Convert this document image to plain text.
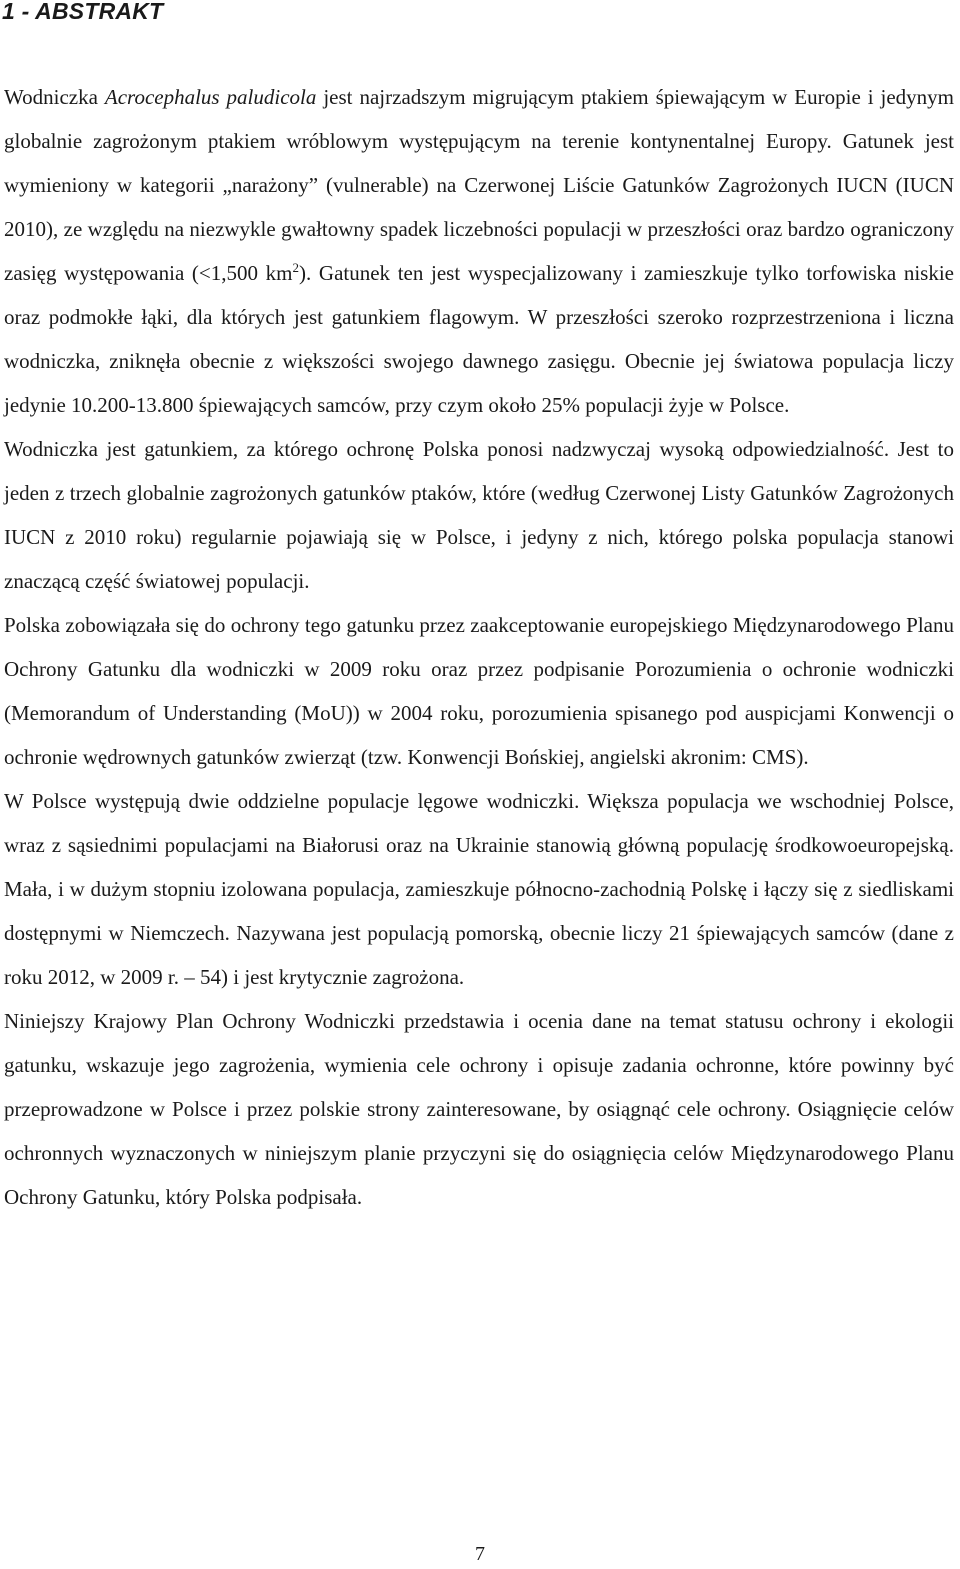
1 - ABSTRAKT

Wodniczka Acrocephalus paludicola jest najrzadszym migrującym ptakiem śpiewającym w Europie i jedynym globalnie zagrożonym ptakiem wróblowym występującym na terenie kontynentalnej Europy. Gatunek jest wymieniony w kategorii „narażony” (vulnerable) na Czerwonej Liście Gatunków Zagrożonych IUCN (IUCN 2010), ze względu na niezwykle gwałtowny spadek liczebności populacji w przeszłości oraz bardzo ograniczony zasięg występowania (<1,500 $km^2$). Gatunek ten jest wyspecjalizowany i zamieszkuje tylko torfowiska niskie oraz podmokłe łąki, dla których jest gatunkiem flagowym. W przeszłości szeroko rozprzestrzeniona i liczna wodniczka, zniknęła obecnie z większości swojego dawnego zasięgu. Obecnie jej światowa populacja liczy jedynie 10.200-13.800 śpiewających samców, przy czym około 25% populacji żyje w Polsce.

Wodniczka jest gatunkiem, za którego ochronę Polska ponosi nadzwyczaj wysoką odpowiedzialność. Jest to jeden z trzech globalnie zagrożonych gatunków ptaków, które (według Czerwonej Listy Gatunków Zagrożonych IUCN z 2010 roku) regularnie pojawiają się w Polsce, i jedyny z nich, którego polska populacja stanowi znaczącą część światowej populacji.

Polska zobowiązała się do ochrony tego gatunku przez zaakceptowanie europejskiego Międzynarodowego Planu Ochrony Gatunku dla wodniczki w 2009 roku oraz przez podpisanie Porozumienia o ochronie wodniczki (Memorandum of Understanding (MoU)) w 2004 roku, porozumienia spisanego pod auspicjami Konwencji o ochronie wędrownych gatunków zwierząt (tzw. Konwencji Bońskiej, angielski akronim: CMS).

W Polsce występują dwie oddzielne populacje lęgowe wodniczki. Większa populacja we wschodniej Polsce, wraz z sąsiednimi populacjami na Białorusi oraz na Ukrainie stanowią główną populację środkowoeuropejską. Mała, i w dużym stopniu izolowana populacja, zamieszkuje północno-zachodnią Polskę i łączy się z siedliskami dostępnymi w Niemczech. Nazywana jest populacją pomorską, obecnie liczy 21 śpiewających samców (dane z roku 2012, w 2009 r. – 54) i jest krytycznie zagrożona.

Niniejszy Krajowy Plan Ochrony Wodniczki przedstawia i ocenia dane na temat statusu ochrony i ekologii gatunku, wskazuje jego zagrożenia, wymienia cele ochrony i opisuje zadania ochronne, które powinny być przeprowadzone w Polsce i przez polskie strony zainteresowane, by osiągnąć cele ochrony. Osiągnięcie celów ochronnych wyznaczonych w niniejszym planie przyczyni się do osiągnięcia celów Międzynarodowego Planu Ochrony Gatunku, który Polska podpisała.

7
